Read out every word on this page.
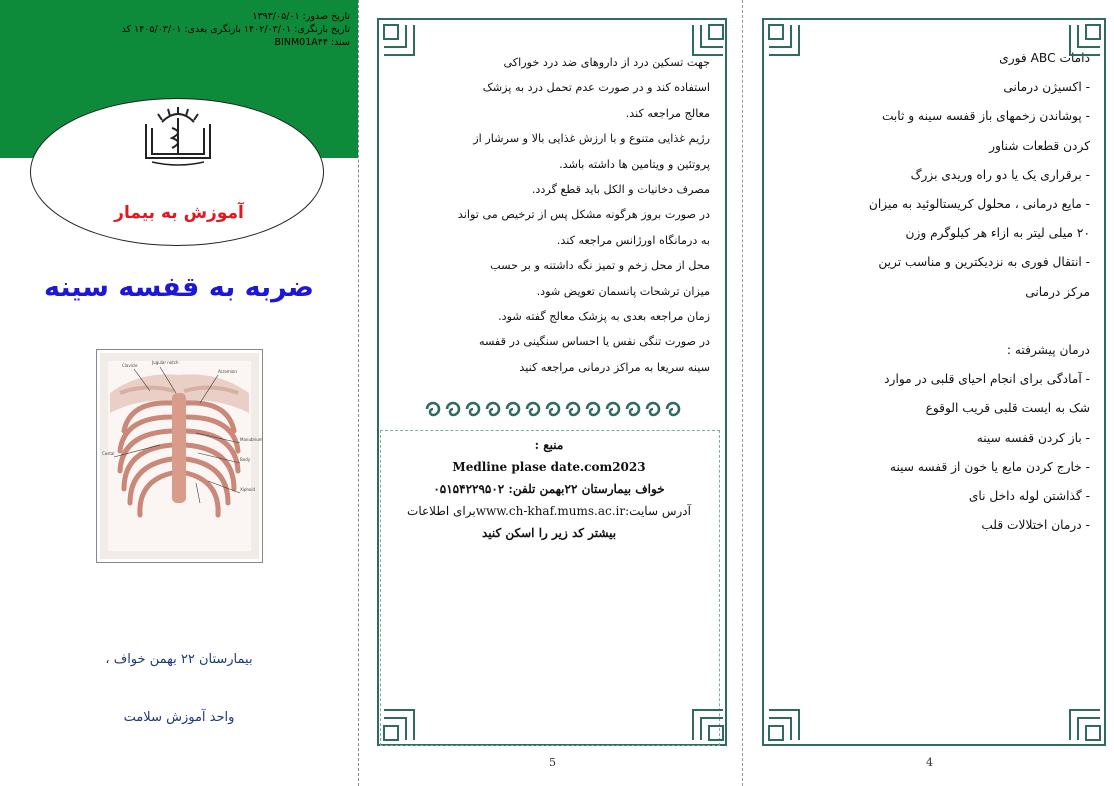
تاریخ صدور: ۱۳۹۳/۰۵/۰۱
تاریخ بازنگری: ۱۴۰۲/۰۳/۰۱ بازنگری بعدی: ۱۴۰۵/۰۳/۰۱ کد
سند: BINM01A۴۴
آموزش به بیمار
ضربه به قفسه سینه
Clavicle
Jugular notch
Acromion
Manubrium
Costal
Body
Xiphoid
بیمارستان ۲۲ بهمن خواف ،
واحد آموزش سلامت

جهت تسکین درد از داروهای ضد درد خوراکی

استفاده کند و در صورت عدم تحمل درد به پزشک

معالج مراجعه کند.

رژیم غذایی متنوع و با ارزش غذایی بالا و سرشار از

پروتئین و ویتامین ها داشته باشد.

مصرف دخانیات و الکل باید قطع گردد.

در صورت بروز هرگونه مشکل پس از ترخیص می تواند

به درمانگاه اورژانس مراجعه کند.

محل از محل زخم و تمیز نگه داشتنه و بر حسب

میزان ترشحات پانسمان تعویض شود.

زمان مراجعه بعدی به پزشک معالج گفته شود.

در صورت تنگی نفس یا احساس سنگینی در قفسه

سینه سریعا به مراکز درمانی مراجعه کنید

منبع :
Medline plase date.com2023
خواف بیمارستان ۲۲بهمن تلفن: ۰۵۱۵۴۲۲۹۵۰۲
آدرس سایت:www.ch-khaf.mums.ac.irبرای اطلاعات
بیشتر کد زیر را اسکن کنید
5

دامات ABC فوری

- اکسیژن درمانی

- پوشاندن زخمهای باز قفسه سینه و ثابت

کردن قطعات شناور

- برقراری یک یا دو راه وریدی بزرگ

- مایع درمانی ، محلول کریستالوئید به میزان

۲۰ میلی لیتر به ازاء هر کیلوگرم وزن

- انتقال فوری به نزدیکترین و مناسب ترین

مرکز درمانی

درمان پیشرفته :

- آمادگی برای انجام احیای قلبی در موارد

شک به ایست قلبی قریب الوقوع

- باز کردن قفسه سینه

- خارج کردن مایع یا خون از قفسه سینه

- گذاشتن لوله داخل نای

- درمان اختلالات قلب

4
